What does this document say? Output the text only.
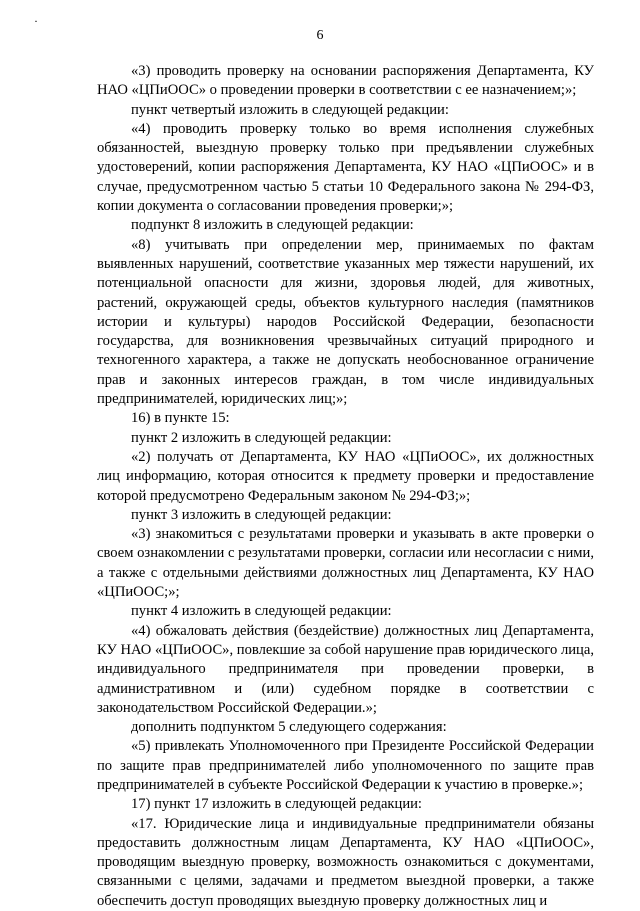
·
6

«3) проводить проверку на основании распоряжения Департамента, КУ НАО «ЦПиООС» о проведении проверки в соответствии с ее назначением;»;

пункт четвертый изложить в следующей редакции:

«4) проводить проверку только во время исполнения служебных обязанностей, выездную проверку только при предъявлении служебных удостоверений, копии распоряжения Департамента, КУ НАО «ЦПиООС» и в случае, предусмотренном частью 5 статьи 10 Федерального закона № 294-ФЗ, копии документа о согласовании проведения проверки;»;

подпункт 8 изложить в следующей редакции:

«8) учитывать при определении мер, принимаемых по фактам выявленных нарушений, соответствие указанных мер тяжести нарушений, их потенциальной опасности для жизни, здоровья людей, для животных, растений, окружающей среды, объектов культурного наследия (памятников истории и культуры) народов Российской Федерации, безопасности государства, для возникновения чрезвычайных ситуаций природного и техногенного характера, а также не допускать необоснованное ограничение прав и законных интересов граждан, в том числе индивидуальных предпринимателей, юридических лиц;»;

16) в пункте 15:

пункт 2 изложить в следующей редакции:

«2) получать от Департамента, КУ НАО «ЦПиООС», их должностных лиц информацию, которая относится к предмету проверки и предоставление которой предусмотрено Федеральным законом № 294-ФЗ;»;

пункт 3 изложить в следующей редакции:

«3) знакомиться с результатами проверки и указывать в акте проверки о своем ознакомлении с результатами проверки, согласии или несогласии с ними, а также с отдельными действиями должностных лиц Департамента, КУ НАО «ЦПиООС;»;

пункт 4 изложить в следующей редакции:

«4) обжаловать действия (бездействие) должностных лиц Департамента, КУ НАО «ЦПиООС», повлекшие за собой нарушение прав юридического лица, индивидуального предпринимателя при проведении проверки, в административном и (или) судебном порядке в соответствии с законодательством Российской Федерации.»;

дополнить подпунктом 5 следующего содержания:

«5) привлекать Уполномоченного при Президенте Российской Федерации по защите прав предпринимателей либо уполномоченного по защите прав предпринимателей в субъекте Российской Федерации к участию в проверке.»;

17) пункт 17 изложить в следующей редакции:

«17. Юридические лица и индивидуальные предприниматели обязаны предоставить должностным лицам Департамента, КУ НАО «ЦПиООС», проводящим выездную проверку, возможность ознакомиться с документами, связанными с целями, задачами и предметом выездной проверки, а также обеспечить доступ проводящих выездную проверку должностных лиц и
